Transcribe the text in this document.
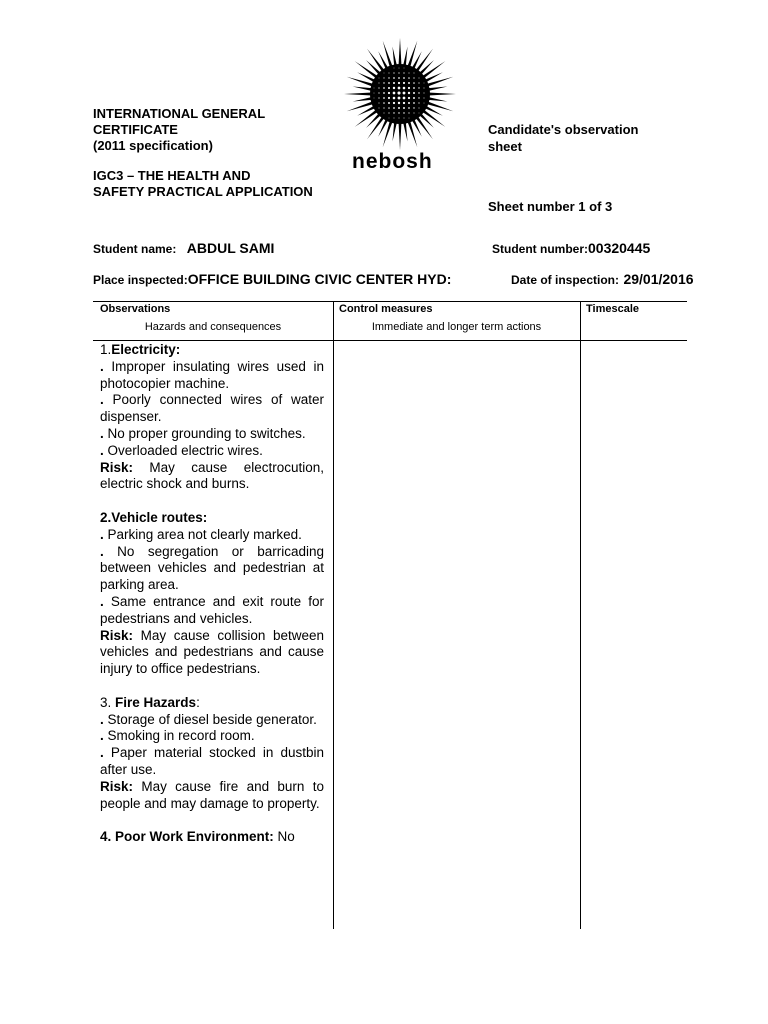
INTERNATIONAL GENERAL
CERTIFICATE
(2011 specification)
IGC3 – THE HEALTH AND
SAFETY PRACTICAL APPLICATION
nebosh
Candidate's observation
sheet
Sheet number 1 of 3
Student name: ABDUL SAMI	Student number:00320445
Place inspected:OFFICE BUILDING CIVIC CENTER HYD:	Date of inspection: 29/01/2016
Observations
Hazards and consequences
Control measures
Immediate and longer term actions
Timescale

1.Electricity:

. Improper insulating wires used in photocopier machine.

. Poorly connected wires of water dispenser.

. No proper grounding to switches.

. Overloaded electric wires.

Risk: May cause electrocution, electric shock and burns.

2.Vehicle routes:

. Parking area not clearly marked.

. No segregation or barricading between vehicles and pedestrian at parking area.

. Same entrance and exit route for pedestrians and vehicles.

Risk: May cause collision between vehicles and pedestrians and cause injury to office pedestrians.

3. Fire Hazards:

. Storage of diesel beside generator.

. Smoking in record room.

. Paper material stocked in dustbin after use.

Risk: May cause fire and burn to people and may damage to property.

4. Poor Work Environment: No
